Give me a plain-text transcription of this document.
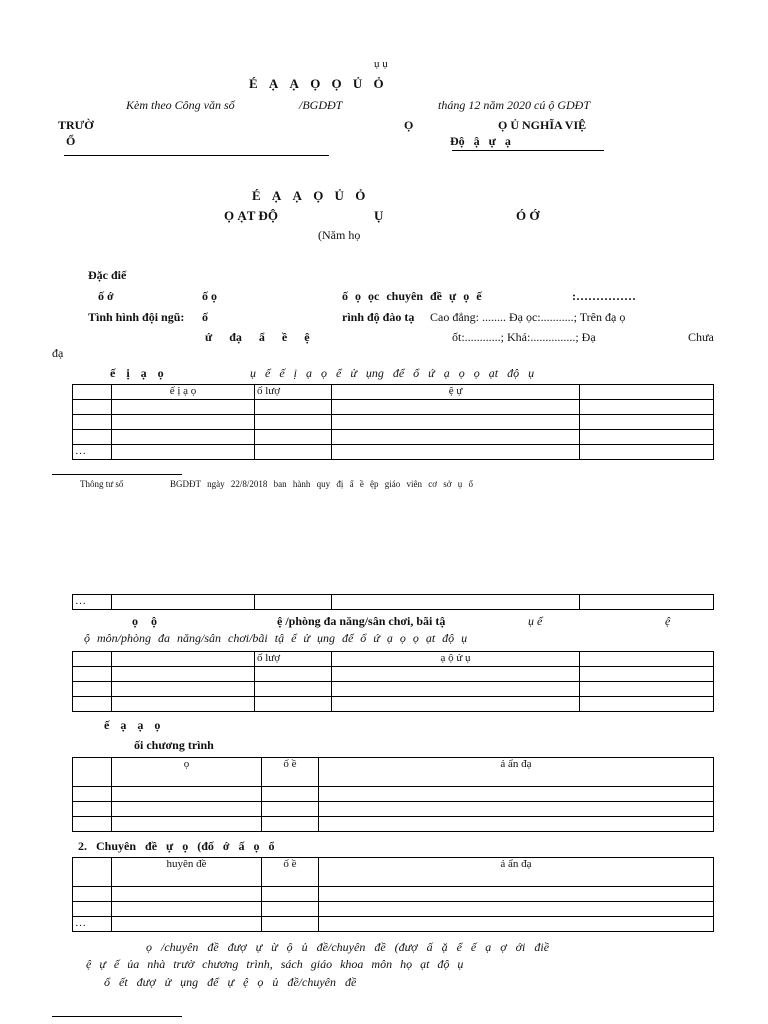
ụ ụ
É Ạ Ạ Ọ Ọ Ủ Ỏ
Kèm theo Công văn số	/BGDĐT	tháng 12 năm 2020 cú ộ GDĐT
TRƯỜ
Ổ
Ọ	Ọ Ủ NGHĨA VIỆ
Độ ậ ự ạ
É Ạ Ạ Ọ Ủ Ỏ
Ọ ẠT ĐỘ	Ụ	Ó Ớ
(Năm họ
Đặc điể
ố ớ	ố ọ	ố ọ ọc chuyên đề ự ọ ế	:……………
Tình hình đội ngũ: ố	rình độ đào tạ Cao đẳng: ........ Đạ ọc:...........; Trên đạ ọ
ứ đạ ẩ ề ệ	ốt:............; Khá:...............; Đạ	Chưa
đạ
ế ị ạ ọ	ụ ể ế ị ạ ọ ể ử ụng để ổ ứ ạ ọ ọ ạt độ ụ
	ế ị ạ ọ	ố lượ	ệ ự	

…				
Thông tư số	BGDĐT ngày 22/8/2018 ban hành quy đị ẩ ề ệp giáo viên cơ sở ụ ổ
…				
ọ ộ	ệ /phòng đa năng/sân chơi, bãi tậ	ụ ể	ệ
ộ môn/phòng đa năng/sân chơi/bãi tậ ể ử ụng để ổ ứ ạ ọ ọ ạt độ ụ
		ố lượ	ạ ộ ử ụ	

ế ạ ạ ọ
ối chương trình
	ọ	ố ề	ả ẩn đạ

2. Chuyên đề ự ọ (đố ớ ấ ọ ổ
	huyên đề	ố ề	ả ẩn đạ

…			
ọ /chuyên đề đượ ự ừ ộ ủ đề/chuyên đề (đượ ấ ặ ể ế ạ ợ ới điề
ệ ự ế ủa nhà trườ chương trình, sách giáo khoa môn họ ạt độ ụ
ổ ết đượ ử ụng để ự ệ ọ ủ đề/chuyên đề
